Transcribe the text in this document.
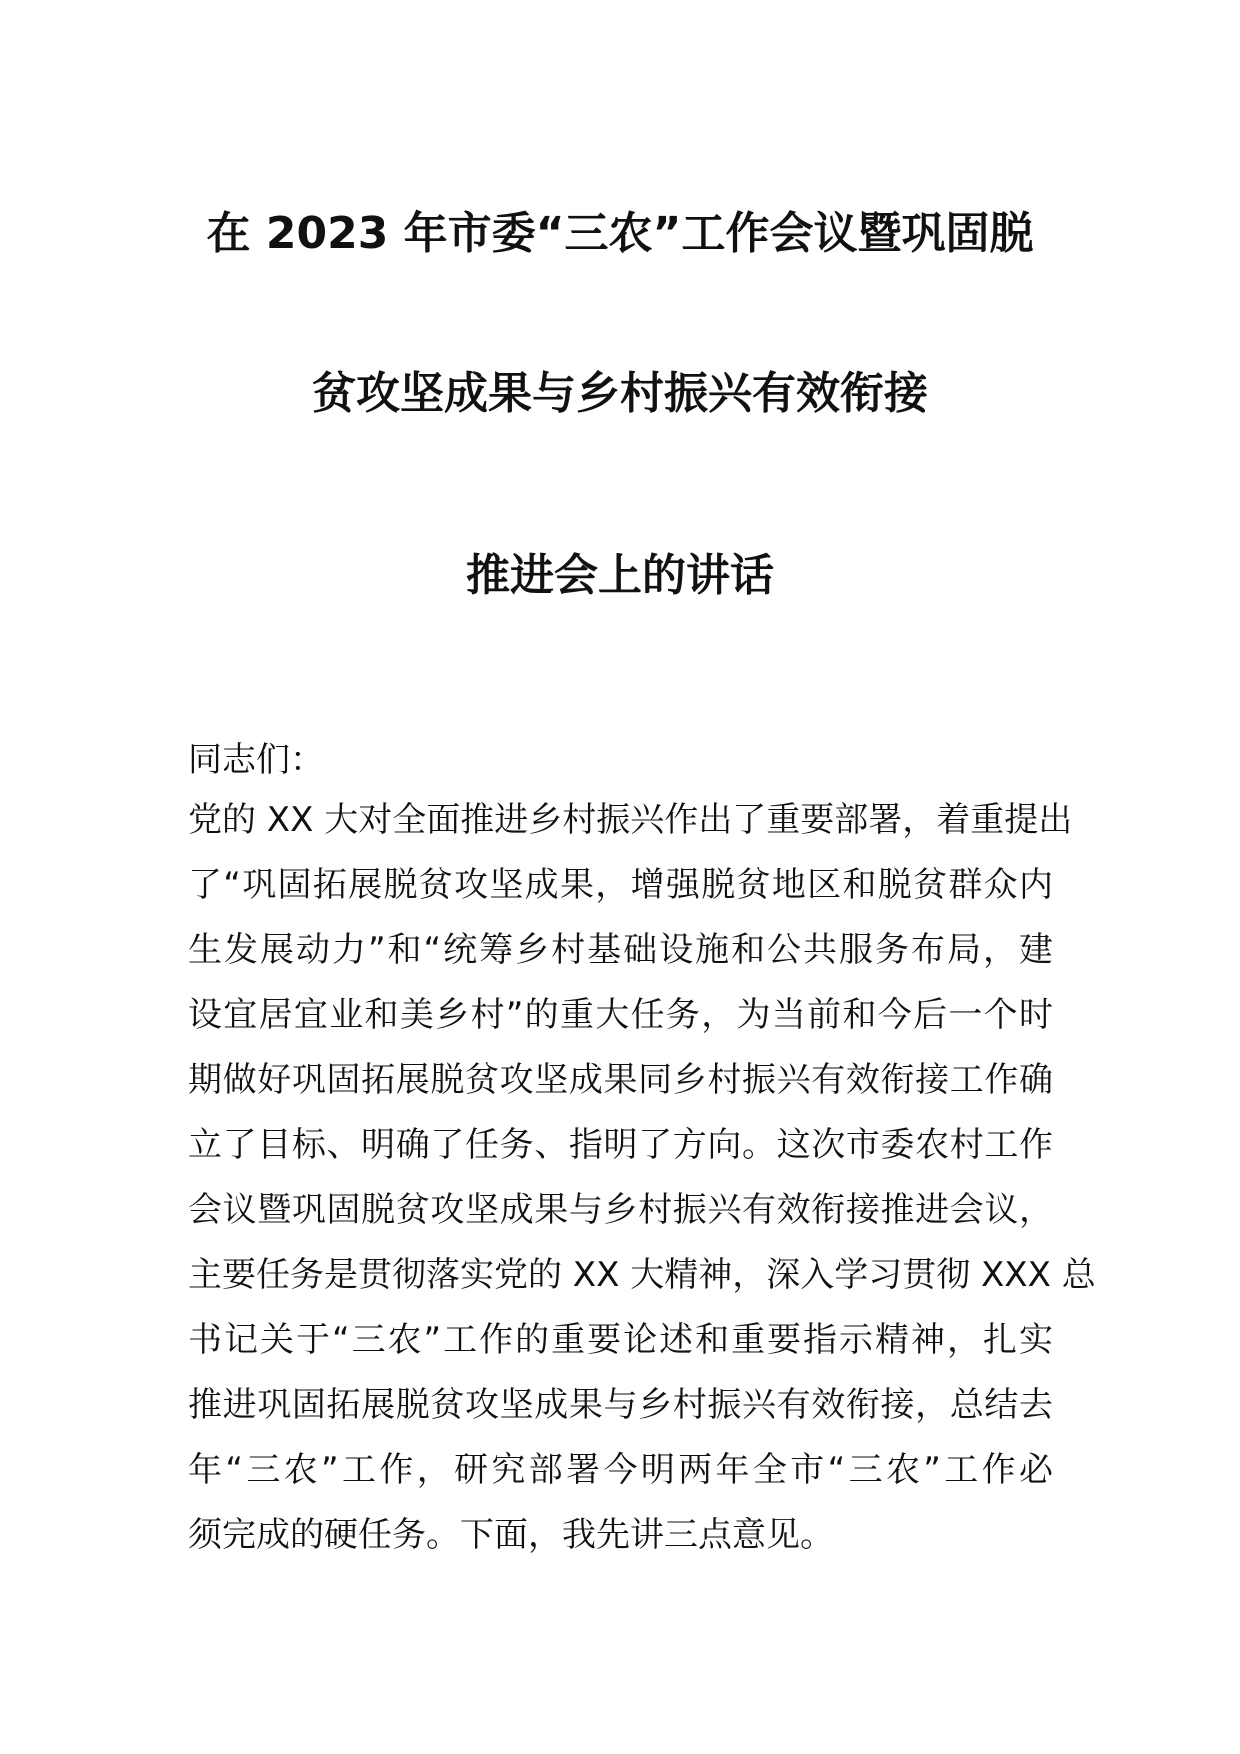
在 2023 年市委“三农”工作会议暨巩固脱
贫攻坚成果与乡村振兴有效衔接
推进会上的讲话
同志们：
党的 XX 大对全面推进乡村振兴作出了重要部署，着重提出
了“巩固拓展脱贫攻坚成果，增强脱贫地区和脱贫群众内
生发展动力”和“统筹乡村基础设施和公共服务布局，建
设宜居宜业和美乡村”的重大任务，为当前和今后一个时
期做好巩固拓展脱贫攻坚成果同乡村振兴有效衔接工作确
立了目标、明确了任务、指明了方向。这次市委农村工作
会议暨巩固脱贫攻坚成果与乡村振兴有效衔接推进会议，
主要任务是贯彻落实党的 XX 大精神，深入学习贯彻 XXX 总
书记关于“三农”工作的重要论述和重要指示精神，扎实
推进巩固拓展脱贫攻坚成果与乡村振兴有效衔接，总结去
年“三农”工作，研究部署今明两年全市“三农”工作必
须完成的硬任务。下面，我先讲三点意见。
